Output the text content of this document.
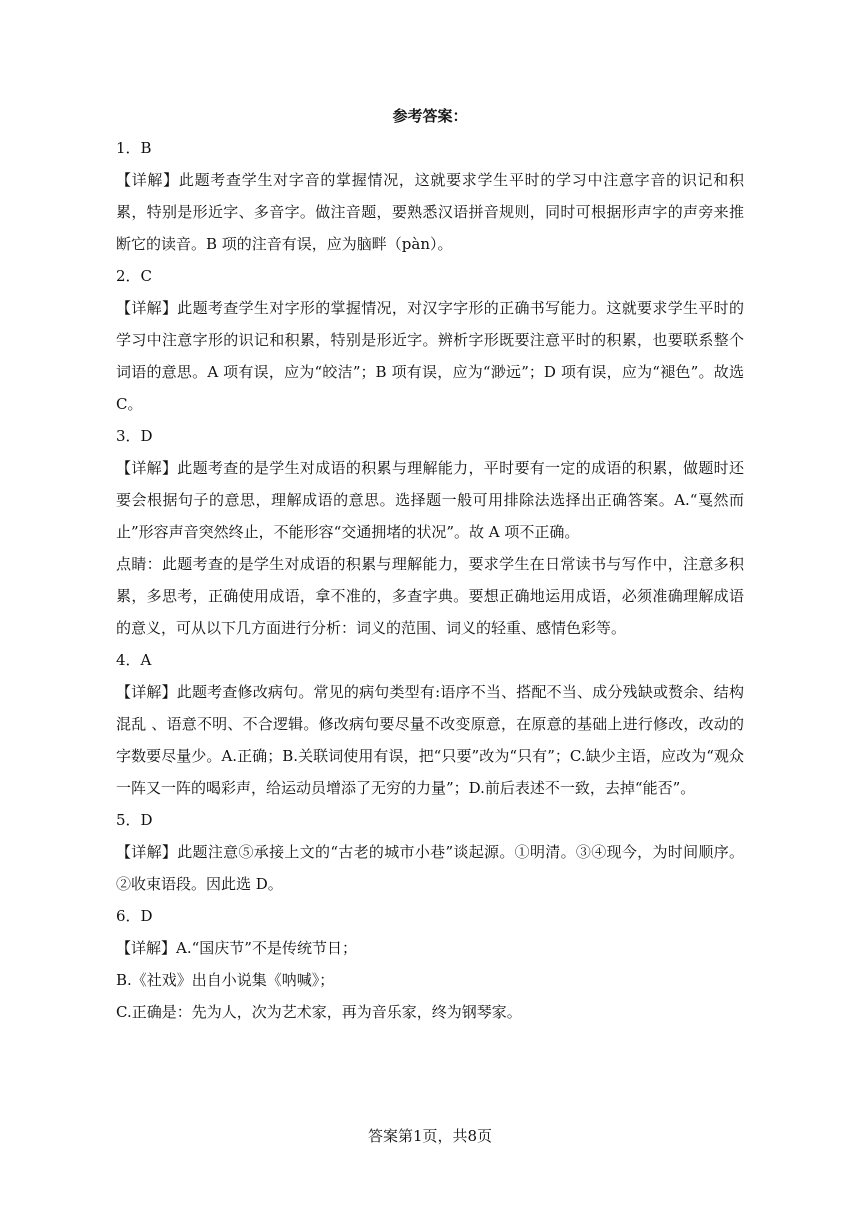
参考答案：

1．B

【详解】此题考查学生对字音的掌握情况，这就要求学生平时的学习中注意字音的识记和积累，特别是形近字、多音字。做注音题，要熟悉汉语拼音规则，同时可根据形声字的声旁来推断它的读音。B 项的注音有误，应为脑畔（pàn）。

2．C

【详解】此题考查学生对字形的掌握情况，对汉字字形的正确书写能力。这就要求学生平时的学习中注意字形的识记和积累，特别是形近字。辨析字形既要注意平时的积累，也要联系整个词语的意思。A 项有误，应为“皎洁”；B 项有误，应为“渺远”；D 项有误，应为“褪色”。故选 C。

3．D

【详解】此题考查的是学生对成语的积累与理解能力，平时要有一定的成语的积累，做题时还要会根据句子的意思，理解成语的意思。选择题一般可用排除法选择出正确答案。A.“戛然而止”形容声音突然终止，不能形容“交通拥堵的状况”。故 A 项不正确。

点睛：此题考查的是学生对成语的积累与理解能力，要求学生在日常读书与写作中，注意多积累，多思考，正确使用成语，拿不准的，多查字典。要想正确地运用成语，必须准确理解成语的意义，可从以下几方面进行分析：词义的范围、词义的轻重、感情色彩等。

4．A

【详解】此题考查修改病句。常见的病句类型有:语序不当、搭配不当、成分残缺或赘余、结构混乱 、语意不明、不合逻辑。修改病句要尽量不改变原意，在原意的基础上进行修改，改动的字数要尽量少。A.正确；B.关联词使用有误，把“只要”改为“只有”；C.缺少主语，应改为“观众一阵又一阵的喝彩声，给运动员增添了无穷的力量”；D.前后表述不一致，去掉“能否”。

5．D

【详解】此题注意⑤承接上文的“古老的城市小巷”谈起源。①明清。③④现今，为时间顺序。②收束语段。因此选 D。

6．D

【详解】A.“国庆节”不是传统节日；

B.《社戏》出自小说集《呐喊》；

C.正确是：先为人，次为艺术家，再为音乐家，终为钢琴家。

答案第1页，共8页
